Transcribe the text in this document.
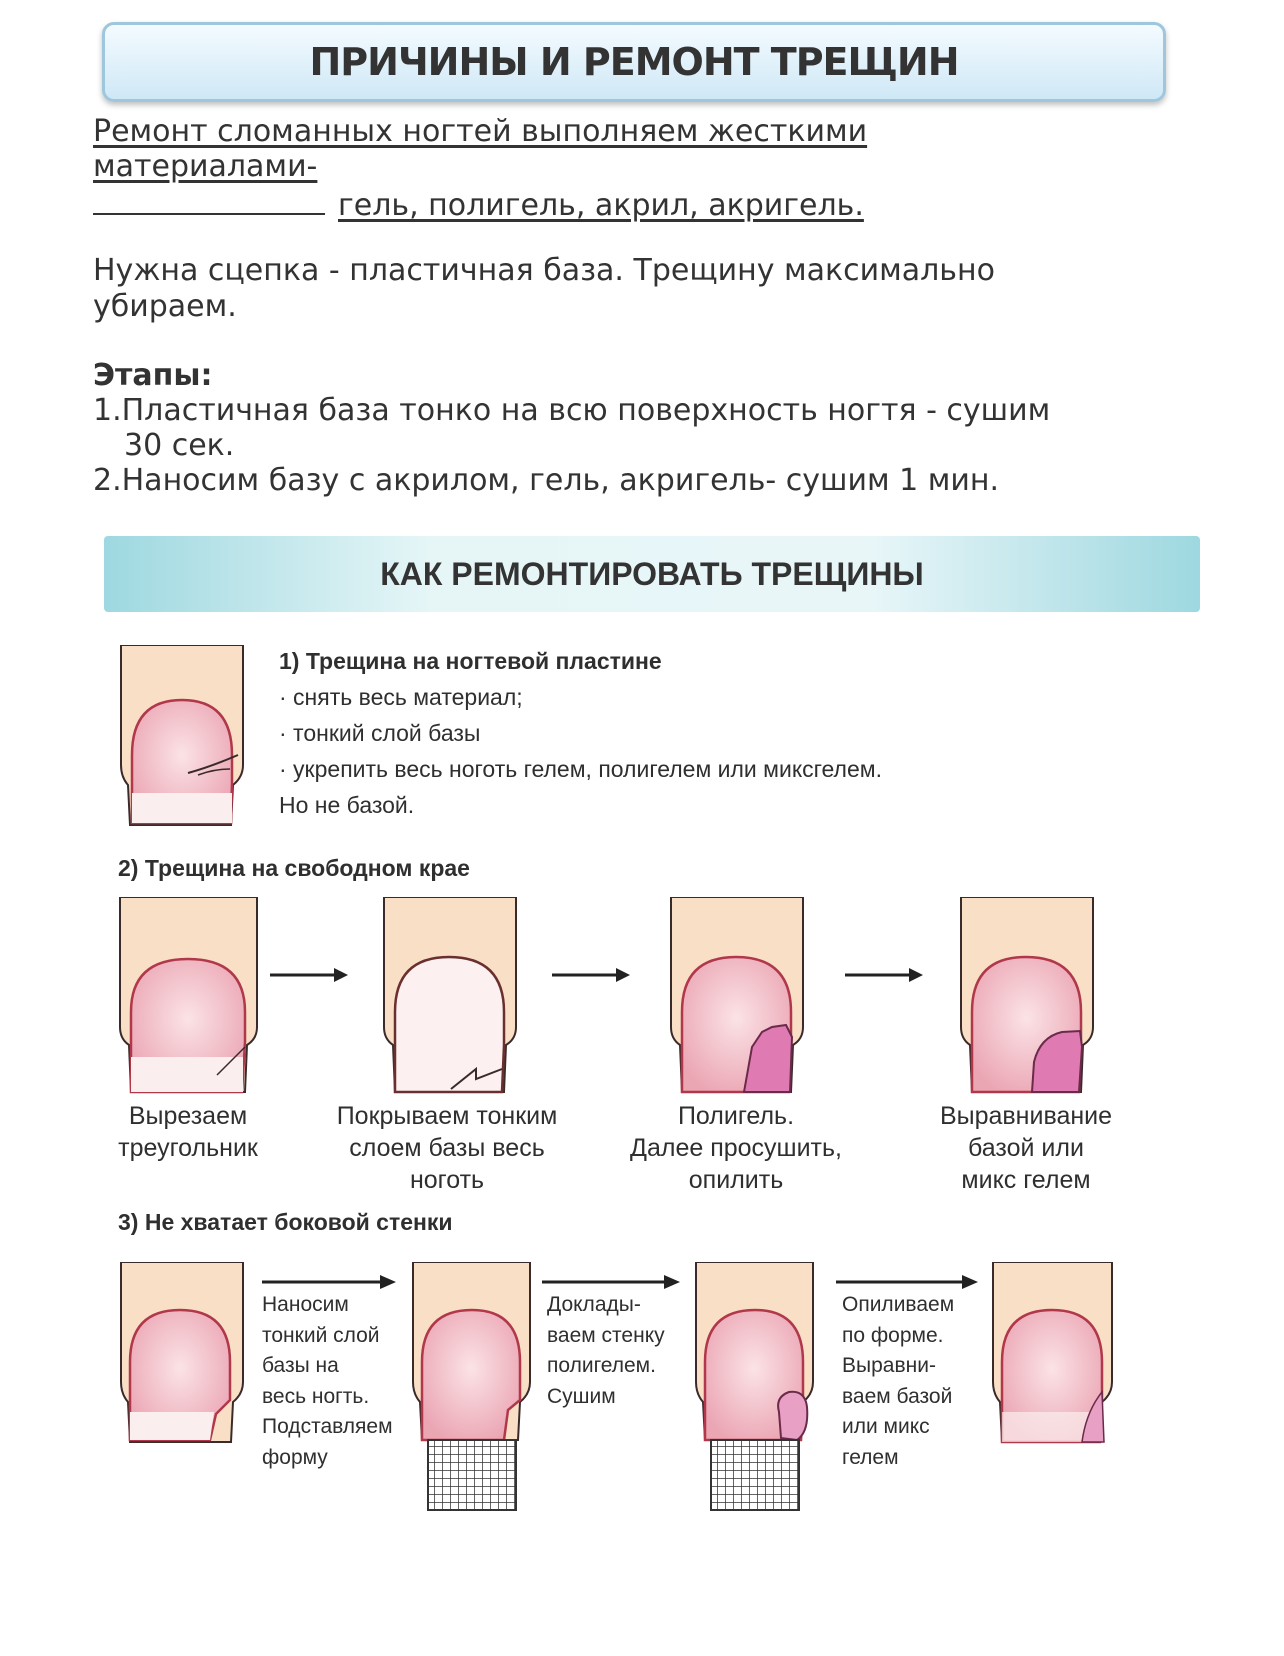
ПРИЧИНЫ И РЕМОНТ ТРЕЩИН
Ремонт сломанных ногтей выполняем жесткими
материалами-
гель, полигель, акрил, акригель.
Нужна сцепка - пластичная база. Трещину максимально
убираем.
Этапы:
1.Пластичная база тонко на всю поверхность ногтя - сушим
30 сек.
2.Наносим базу с акрилом, гель, акригель- сушим 1 мин.
КАК РЕМОНТИРОВАТЬ ТРЕЩИНЫ
1) Трещина на ногтевой пластине
· снять весь материал;
· тонкий слой базы
· укрепить весь ноготь гелем, полигелем или миксгелем.
Но не базой.
2) Трещина на свободном крае
Вырезаем
треугольник
Покрываем тонким
слоем базы весь
ноготь
Полигель.
Далее просушить,
опилить
Выравнивание
базой или
микс гелем
3) Не хватает боковой стенки
Наносим
тонкий слой
базы на
весь ногть.
Подставляем
форму
Доклады-
ваем стенку
полигелем.
Сушим
Опиливаем
по форме.
Выравни-
ваем базой
или микс
гелем
